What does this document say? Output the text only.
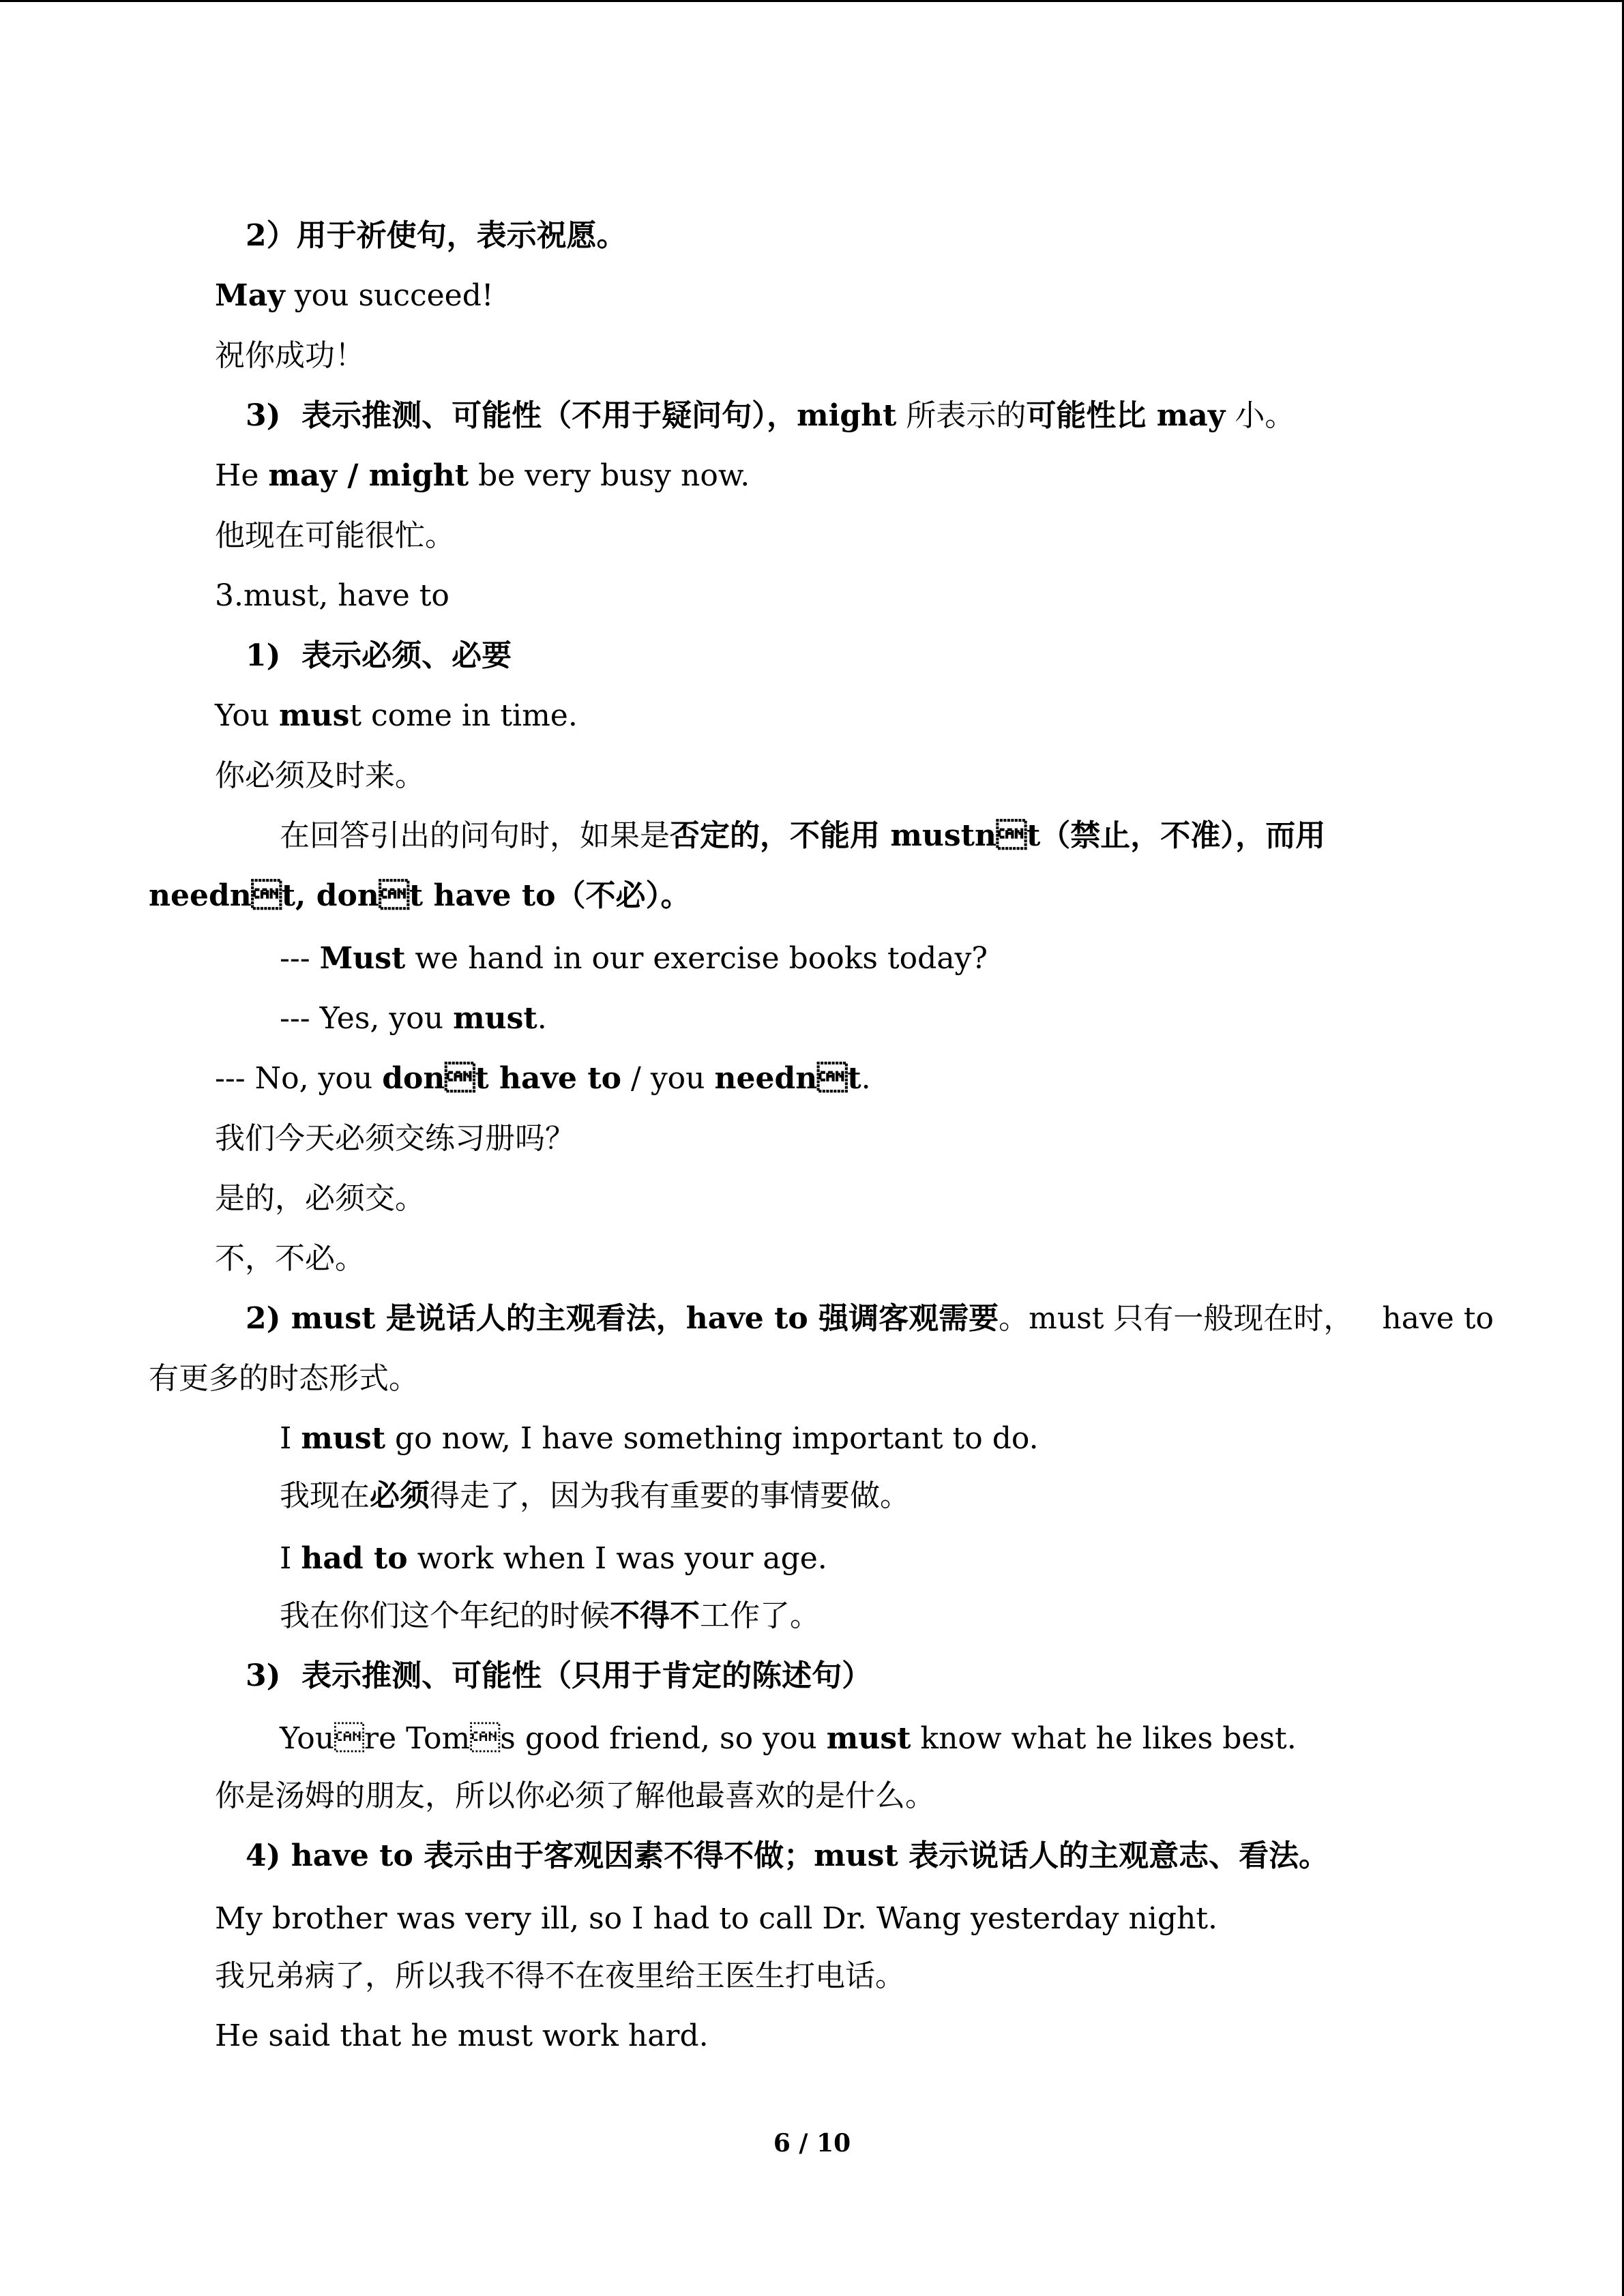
2）用于祈使句，表示祝愿。
May you succeed!
祝你成功！
3)  表示推测、可能性（不用于疑问句），might 所表示的可能性比 may 小。
He may / might be very busy now.
他现在可能很忙。
3.must, have to
1)  表示必须、必要
You must come in time.
你必须及时来。
在回答引出的问句时，如果是否定的，不能用 mustnt（禁止，不准），而用
neednt, dont have to（不必）。
--- Must we hand in our exercise books today?
--- Yes, you must.
--- No, you dont have to / you neednt.
我们今天必须交练习册吗？
是的，必须交。
不，不必。
2) must 是说话人的主观看法，have to 强调客观需要。must 只有一般现在时，   have to
有更多的时态形式。
I must go now, I have something important to do.
我现在必须得走了，因为我有重要的事情要做。
I had to work when I was your age.
我在你们这个年纪的时候不得不工作了。
3)  表示推测、可能性（只用于肯定的陈述句）
Youre Toms good friend, so you must know what he likes best.
你是汤姆的朋友，所以你必须了解他最喜欢的是什么。
4) have to 表示由于客观因素不得不做；must 表示说话人的主观意志、看法。
My brother was very ill, so I had to call Dr. Wang yesterday night.
我兄弟病了，所以我不得不在夜里给王医生打电话。
He said that he must work hard.
6 / 10
